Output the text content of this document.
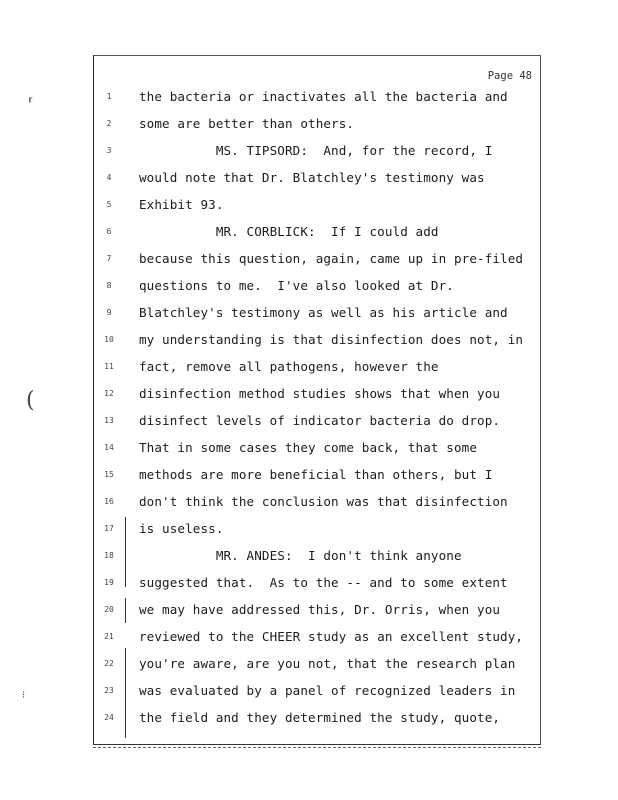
Page 48
1	the bacteria or inactivates all the bacteria and
2	some are better than others.
3	MS. TIPSORD:  And, for the record, I
4	would note that Dr. Blatchley's testimony was
5	Exhibit 93.
6	MR. CORBLICK:  If I could add
7	because this question, again, came up in pre-filed
8	questions to me.  I've also looked at Dr.
9	Blatchley's testimony as well as his article and
10	my understanding is that disinfection does not, in
11	fact, remove all pathogens, however the
12	disinfection method studies shows that when you
13	disinfect levels of indicator bacteria do drop.
14	That in some cases they come back, that some
15	methods are more beneficial than others, but I
16	don't think the conclusion was that disinfection
17	is useless.
18	MR. ANDES:  I don't think anyone
19	suggested that.  As to the -- and to some extent
20	we may have addressed this, Dr. Orris, when you
21	reviewed to the CHEER study as an excellent study,
22	you're aware, are you not, that the research plan
23	was evaluated by a panel of recognized leaders in
24	the field and they determined the study, quote,
⸢
(
⁝
